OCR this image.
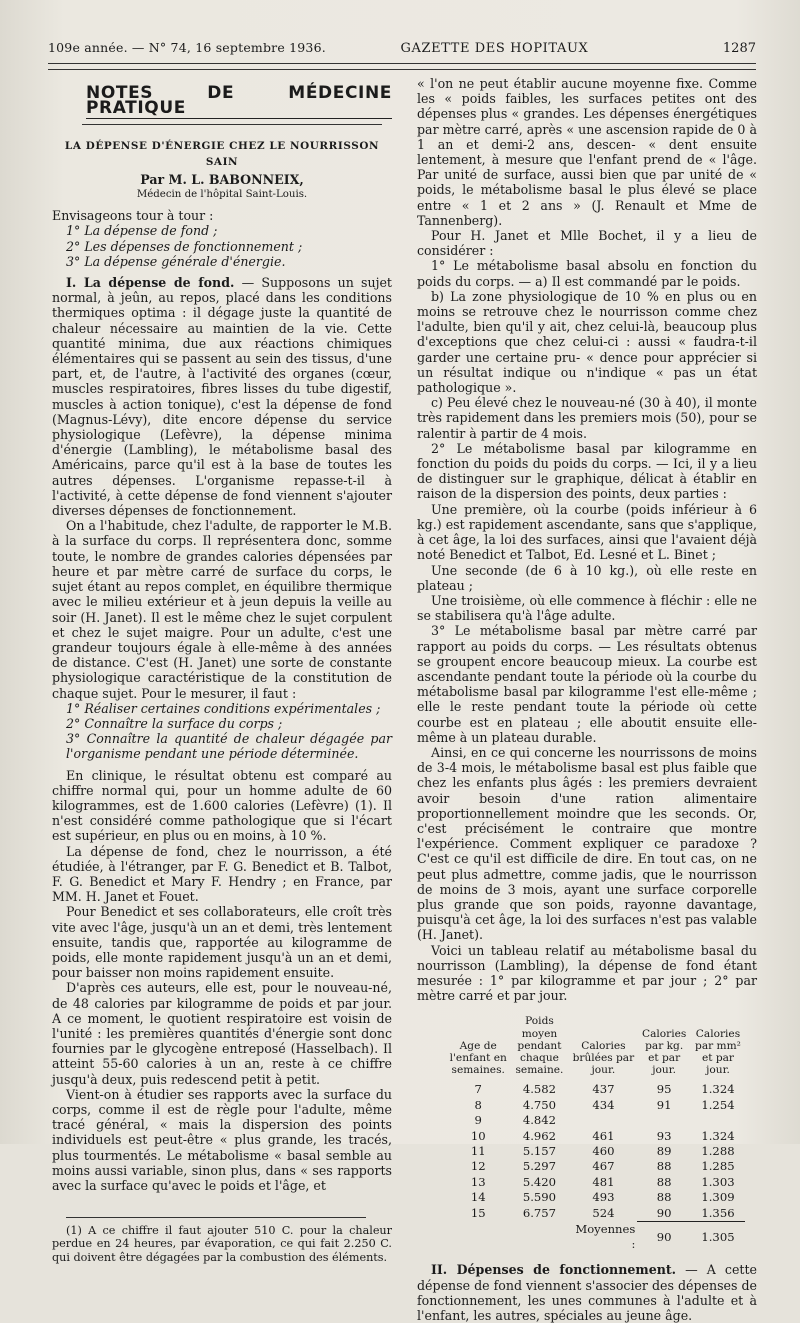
109e année. — N° 74, 16 septembre 1936.	GAZETTE DES HOPITAUX	1287
NOTES DE MÉDECINE PRATIQUE
LA DÉPENSE D'ÉNERGIE CHEZ LE NOURRISSON SAIN
Par M. L. BABONNEIX,
Médecin de l'hôpital Saint-Louis.

Envisageons tour à tour :

1° La dépense de fond ;

2° Les dépenses de fonctionnement ;

3° La dépense générale d'énergie.

I. La dépense de fond. — Supposons un sujet normal, à jeûn, au repos, placé dans les conditions thermiques optima : il dégage juste la quantité de chaleur nécessaire au maintien de la vie. Cette quantité minima, due aux réactions chimiques élémentaires qui se passent au sein des tissus, d'une part, et, de l'autre, à l'activité des organes (cœur, muscles respiratoires, fibres lisses du tube digestif, muscles à action tonique), c'est la dépense de fond (Magnus-Lévy), dite encore dépense du service physiologique (Lefèvre), la dépense minima d'énergie (Lambling), le métabolisme basal des Américains, parce qu'il est à la base de toutes les autres dépenses. L'organisme repasse-t-il à l'activité, à cette dépense de fond viennent s'ajouter diverses dépenses de fonctionnement.

On a l'habitude, chez l'adulte, de rapporter le M.B. à la surface du corps. Il représentera donc, somme toute, le nombre de grandes calories dépensées par heure et par mètre carré de surface du corps, le sujet étant au repos complet, en équilibre thermique avec le milieu extérieur et à jeun depuis la veille au soir (H. Janet). Il est le même chez le sujet corpulent et chez le sujet maigre. Pour un adulte, c'est une grandeur toujours égale à elle-même à des années de distance. C'est (H. Janet) une sorte de constante physiologique caractéristique de la constitution de chaque sujet. Pour le mesurer, il faut :

1° Réaliser certaines conditions expérimentales ;

2° Connaître la surface du corps ;

3° Connaître la quantité de chaleur dégagée par l'organisme pendant une période déterminée.

En clinique, le résultat obtenu est comparé au chiffre normal qui, pour un homme adulte de 60 kilogrammes, est de 1.600 calories (Lefèvre) (1). Il n'est considéré comme pathologique que si l'écart est supérieur, en plus ou en moins, à 10 %.

La dépense de fond, chez le nourrisson, a été étudiée, à l'étranger, par F. G. Benedict et B. Talbot, F. G. Benedict et Mary F. Hendry ; en France, par MM. H. Janet et Fouet.

Pour Benedict et ses collaborateurs, elle croît très vite avec l'âge, jusqu'à un an et demi, très lentement ensuite, tandis que, rapportée au kilogramme de poids, elle monte rapidement jusqu'à un an et demi, pour baisser non moins rapidement ensuite.

D'après ces auteurs, elle est, pour le nouveau-né, de 48 calories par kilogramme de poids et par jour. A ce moment, le quotient respiratoire est voisin de l'unité : les premières quantités d'énergie sont donc fournies par le glycogène entreposé (Hasselbach). Il atteint 55-60 calories à un an, reste à ce chiffre jusqu'à deux, puis redescend petit à petit.

Vient-on à étudier ses rapports avec la surface du corps, comme il est de règle pour l'adulte, même tracé général, « mais la dispersion des points individuels est peut-être « plus grande, les tracés, plus tourmentés. Le métabolisme « basal semble au moins aussi variable, sinon plus, dans « ses rapports avec la surface qu'avec le poids et l'âge, et

(1) A ce chiffre il faut ajouter 510 C. pour la chaleur perdue en 24 heures, par évaporation, ce qui fait 2.250 C. qui doivent être dégagées par la combustion des éléments.

« l'on ne peut établir aucune moyenne fixe. Comme les « poids faibles, les surfaces petites ont des dépenses plus « grandes. Les dépenses énergétiques par mètre carré, après « une ascension rapide de 0 à 1 an et demi-2 ans, descen- « dent ensuite lentement, à mesure que l'enfant prend de « l'âge. Par unité de surface, aussi bien que par unité de « poids, le métabolisme basal le plus élevé se place entre « 1 et 2 ans » (J. Renault et Mme de Tannenberg).

Pour H. Janet et Mlle Bochet, il y a lieu de considérer :

1° Le métabolisme basal absolu en fonction du poids du corps. — a) Il est commandé par le poids.

b) La zone physiologique de 10 % en plus ou en moins se retrouve chez le nourrisson comme chez l'adulte, bien qu'il y ait, chez celui-là, beaucoup plus d'exceptions que chez celui-ci : aussi « faudra-t-il garder une certaine pru- « dence pour apprécier si un résultat indique ou n'indique « pas un état pathologique ».

c) Peu élevé chez le nouveau-né (30 à 40), il monte très rapidement dans les premiers mois (50), pour se ralentir à partir de 4 mois.

2° Le métabolisme basal par kilogramme en fonction du poids du poids du corps. — Ici, il y a lieu de distinguer sur le graphique, délicat à établir en raison de la dispersion des points, deux parties :

Une première, où la courbe (poids inférieur à 6 kg.) est rapidement ascendante, sans que s'applique, à cet âge, la loi des surfaces, ainsi que l'avaient déjà noté Benedict et Talbot, Ed. Lesné et L. Binet ;

Une seconde (de 6 à 10 kg.), où elle reste en plateau ;

Une troisième, où elle commence à fléchir : elle ne se stabilisera qu'à l'âge adulte.

3° Le métabolisme basal par mètre carré par rapport au poids du corps. — Les résultats obtenus se groupent encore beaucoup mieux. La courbe est ascendante pendant toute la période où la courbe du métabolisme basal par kilogramme l'est elle-même ; elle le reste pendant toute la période où cette courbe est en plateau ; elle aboutit ensuite elle-même à un plateau durable.

Ainsi, en ce qui concerne les nourrissons de moins de 3-4 mois, le métabolisme basal est plus faible que chez les enfants plus âgés : les premiers devraient avoir besoin d'une ration alimentaire proportionnellement moindre que les seconds. Or, c'est précisément le contraire que montre l'expérience. Comment expliquer ce paradoxe ? C'est ce qu'il est difficile de dire. En tout cas, on ne peut plus admettre, comme jadis, que le nourrisson de moins de 3 mois, ayant une surface corporelle plus grande que son poids, rayonne davantage, puisqu'à cet âge, la loi des surfaces n'est pas valable (H. Janet).

Voici un tableau relatif au métabolisme basal du nourrisson (Lambling), la dépense de fond étant mesurée : 1° par kilogramme et par jour ; 2° par mètre carré et par jour.

Age de l'enfant en semaines.	Poids moyen pendant chaque semaine.	Calories brûlées par jour.	Calories par kg. et par jour.	Calories par mm² et par jour.
7	4.582	437	95	1.324
8	4.750	434	91	1.254
9	4.842			
10	4.962	461	93	1.324
11	5.157	460	89	1.288
12	5.297	467	88	1.285
13	5.420	481	88	1.303
14	5.590	493	88	1.309
15	6.757	524	90	1.356
		Moyennes :	90	1.305

II. Dépenses de fonctionnement. — A cette dépense de fond viennent s'associer des dépenses de fonctionnement, les unes communes à l'adulte et à l'enfant, les autres, spéciales au jeune âge.
